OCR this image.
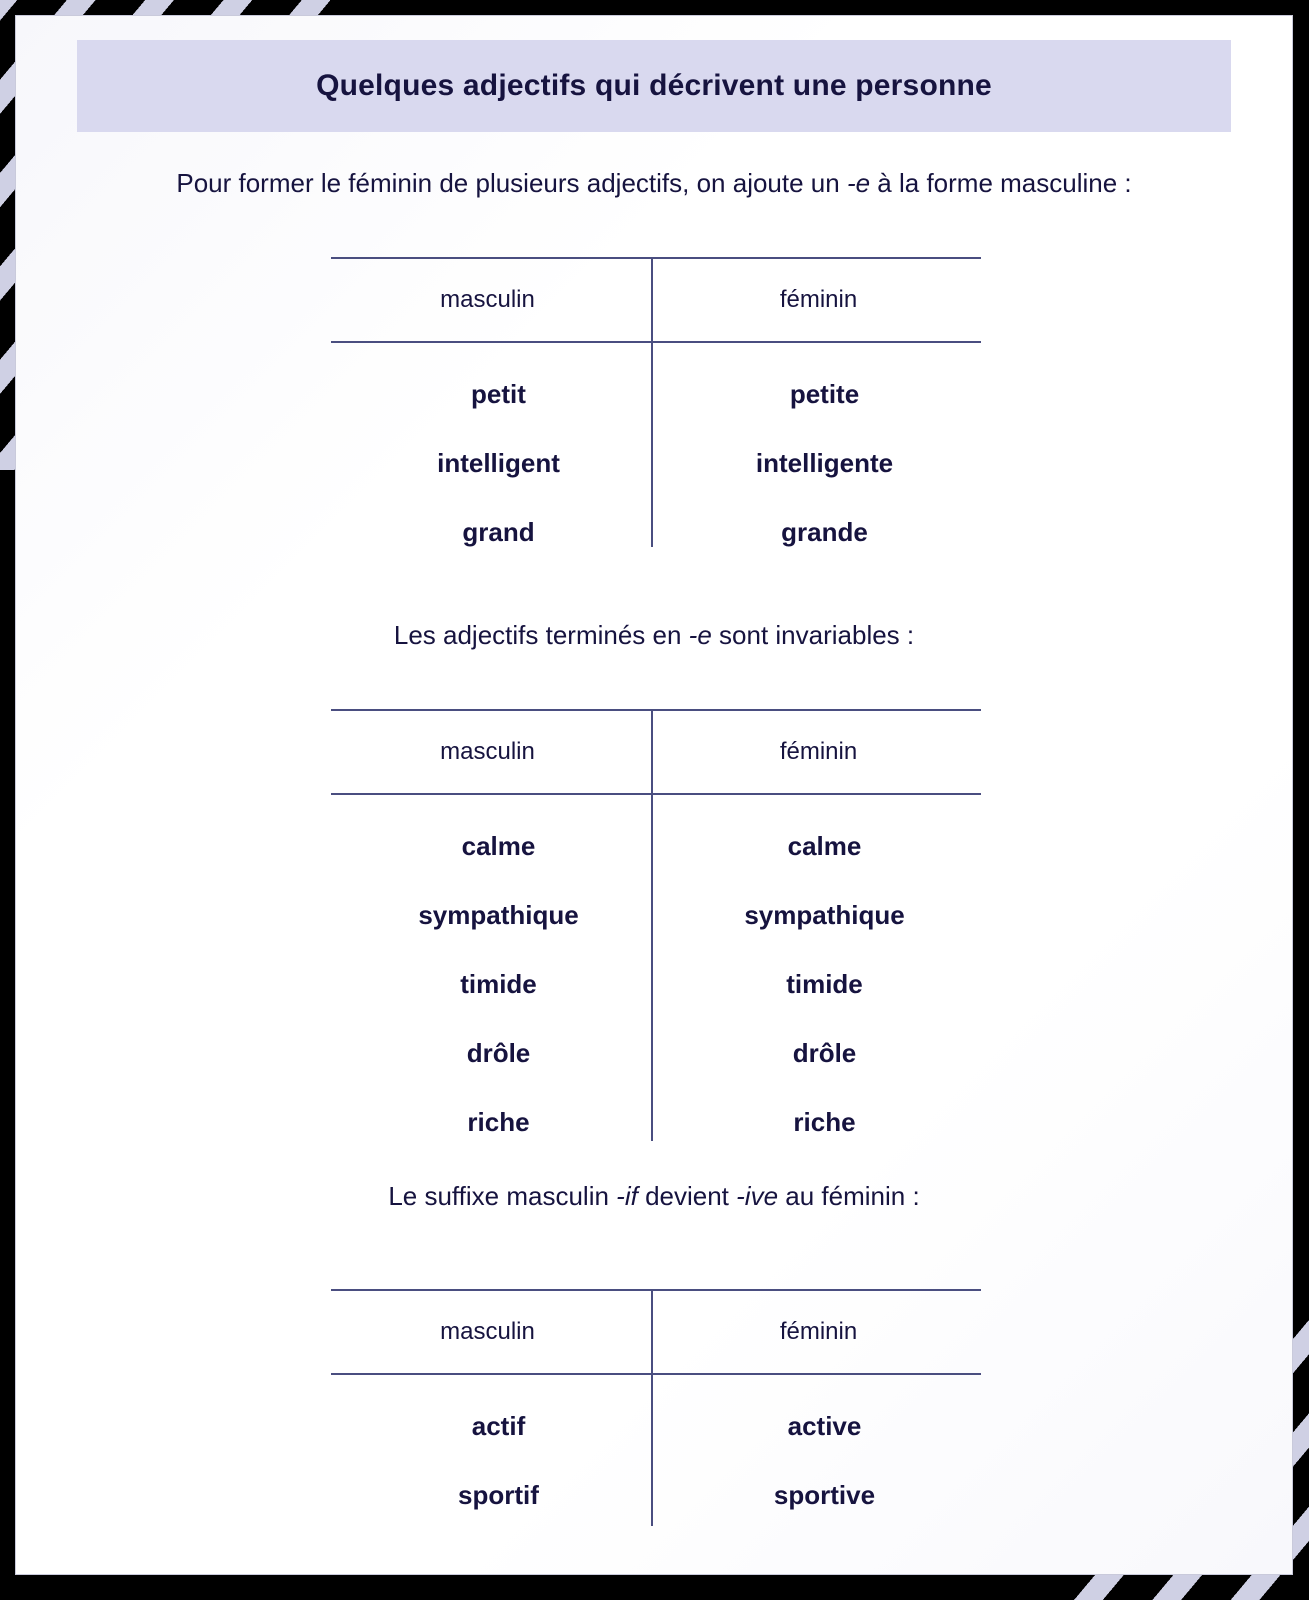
Quelques adjectifs qui décrivent une personne

Pour former le féminin de plusieurs adjectifs, on ajoute un -e à la forme masculine :

masculin	féminin
petit	petite
intelligent	intelligente
grand	grande

Les adjectifs terminés en -e sont invariables :

masculin	féminin
calme	calme
sympathique	sympathique
timide	timide
drôle	drôle
riche	riche

Le suffixe masculin -if devient -ive au féminin :

masculin	féminin
actif	active
sportif	sportive
